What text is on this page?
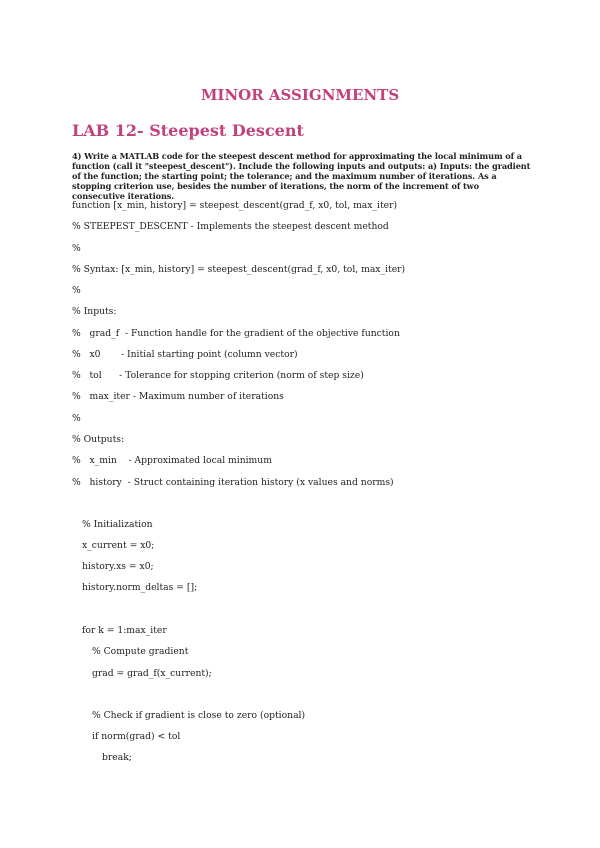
MINOR ASSIGNMENTS
LAB 12- Steepest Descent
4) Write a MATLAB code for the steepest descent method for approximating the local minimum of a function (call it "steepest_descent"). Include the following inputs and outputs: a) Inputs: the gradient of the function; the starting point; the tolerance; and the maximum number of iterations. As a stopping criterion use, besides the number of iterations, the norm of the increment of two consecutive iterations.
function [x_min, history] = steepest_descent(grad_f, x0, tol, max_iter)
% STEEPEST_DESCENT - Implements the steepest descent method
%
% Syntax: [x_min, history] = steepest_descent(grad_f, x0, tol, max_iter)
%
% Inputs:
%   grad_f  - Function handle for the gradient of the objective function
%   x0       - Initial starting point (column vector)
%   tol      - Tolerance for stopping criterion (norm of step size)
%   max_iter - Maximum number of iterations
%
% Outputs:
%   x_min    - Approximated local minimum
%   history  - Struct containing iteration history (x values and norms)
% Initialization
x_current = x0;
history.xs = x0;
history.norm_deltas = [];
for k = 1:max_iter
% Compute gradient
grad = grad_f(x_current);
% Check if gradient is close to zero (optional)
if norm(grad) < tol
break;
